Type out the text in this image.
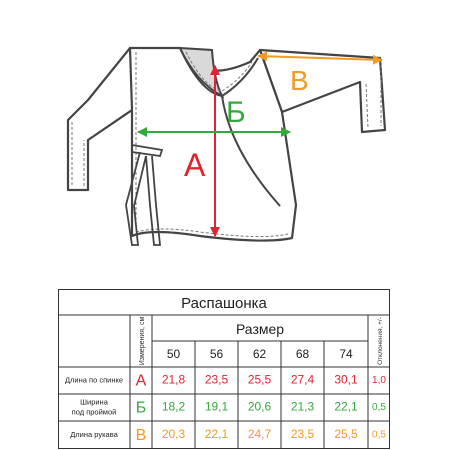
А
Б
В
Распашонка
Измерения, см	Размер	Отклонения, +/-
50 56 62 68	74
Длина по спинке А 21,8 23,5 25,5 27,4 30,1 1,0
Ширина
под проймой Б 18,2 19,1 20,6 21,3 22,1 0,5
Длина рукава В 20,3 22,1 24,7 23,5 25,5 0,5
